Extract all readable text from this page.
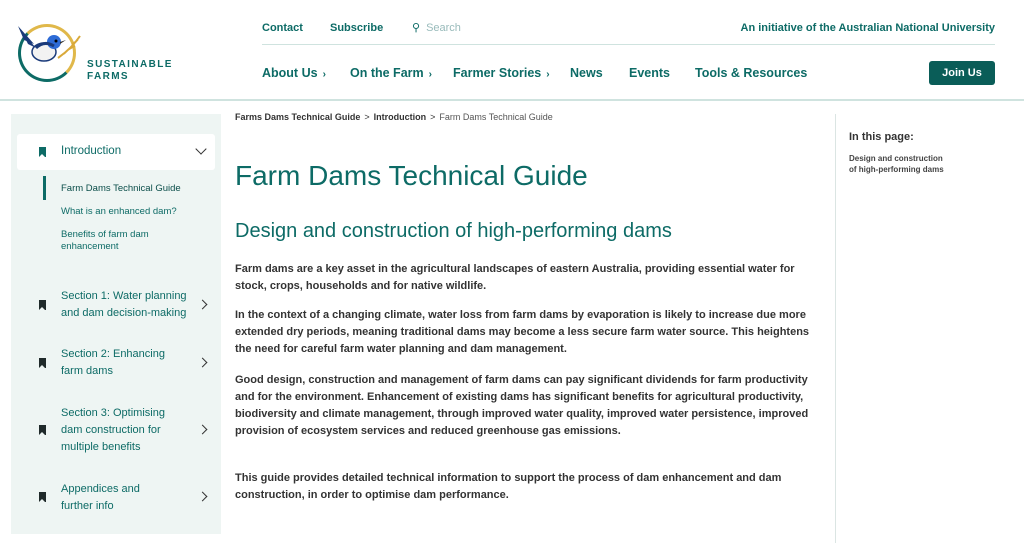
SUSTAINABLE
FARMS
Contact Subscribe	⚲ Search	An initiative of the Australian National University
About Us › On the Farm › Farmer Stories › News Events Tools & Resources	Join Us
Introduction
Farm Dams Technical Guide
What is an enhanced dam?
Benefits of farm dam enhancement
Section 1: Water planning and dam decision-making
Section 2: Enhancing farm dams
Section 3: Optimising dam construction for multiple benefits
Appendices and further info
Farms Dams Technical Guide > Introduction > Farm Dams Technical Guide
Farm Dams Technical Guide
Design and construction of high-performing dams

Farm dams are a key asset in the agricultural landscapes of eastern Australia, providing essential water for stock, crops, households and for native wildlife.

In the context of a changing climate, water loss from farm dams by evaporation is likely to increase due more extended dry periods, meaning traditional dams may become a less secure farm water source. This heightens the need for careful farm water planning and dam management.

Good design, construction and management of farm dams can pay significant dividends for farm productivity and for the environment. Enhancement of existing dams has significant benefits for agricultural productivity, biodiversity and climate management, through improved water quality, improved water persistence, improved provision of ecosystem services and reduced greenhouse gas emissions.

This guide provides detailed technical information to support the process of dam enhancement and dam construction, in order to optimise dam performance.

In this page:
Design and construction of high-performing dams
